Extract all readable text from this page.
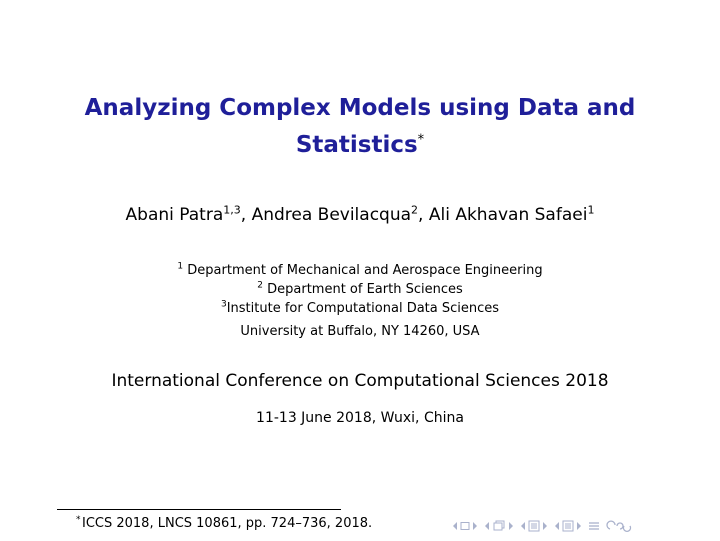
Analyzing Complex Models using Data and
Statistics*
Abani Patra$^{1,3}$, Andrea Bevilacqua$^2$, Ali Akhavan Safaei$^1$
$^1$ Department of Mechanical and Aerospace Engineering
$^2$ Department of Earth Sciences
$^3$Institute for Computational Data Sciences
University at Buffalo, NY 14260, USA
International Conference on Computational Sciences 2018
11-13 June 2018, Wuxi, China
* ICCS 2018, LNCS 10861, pp. 724–736, 2018.
